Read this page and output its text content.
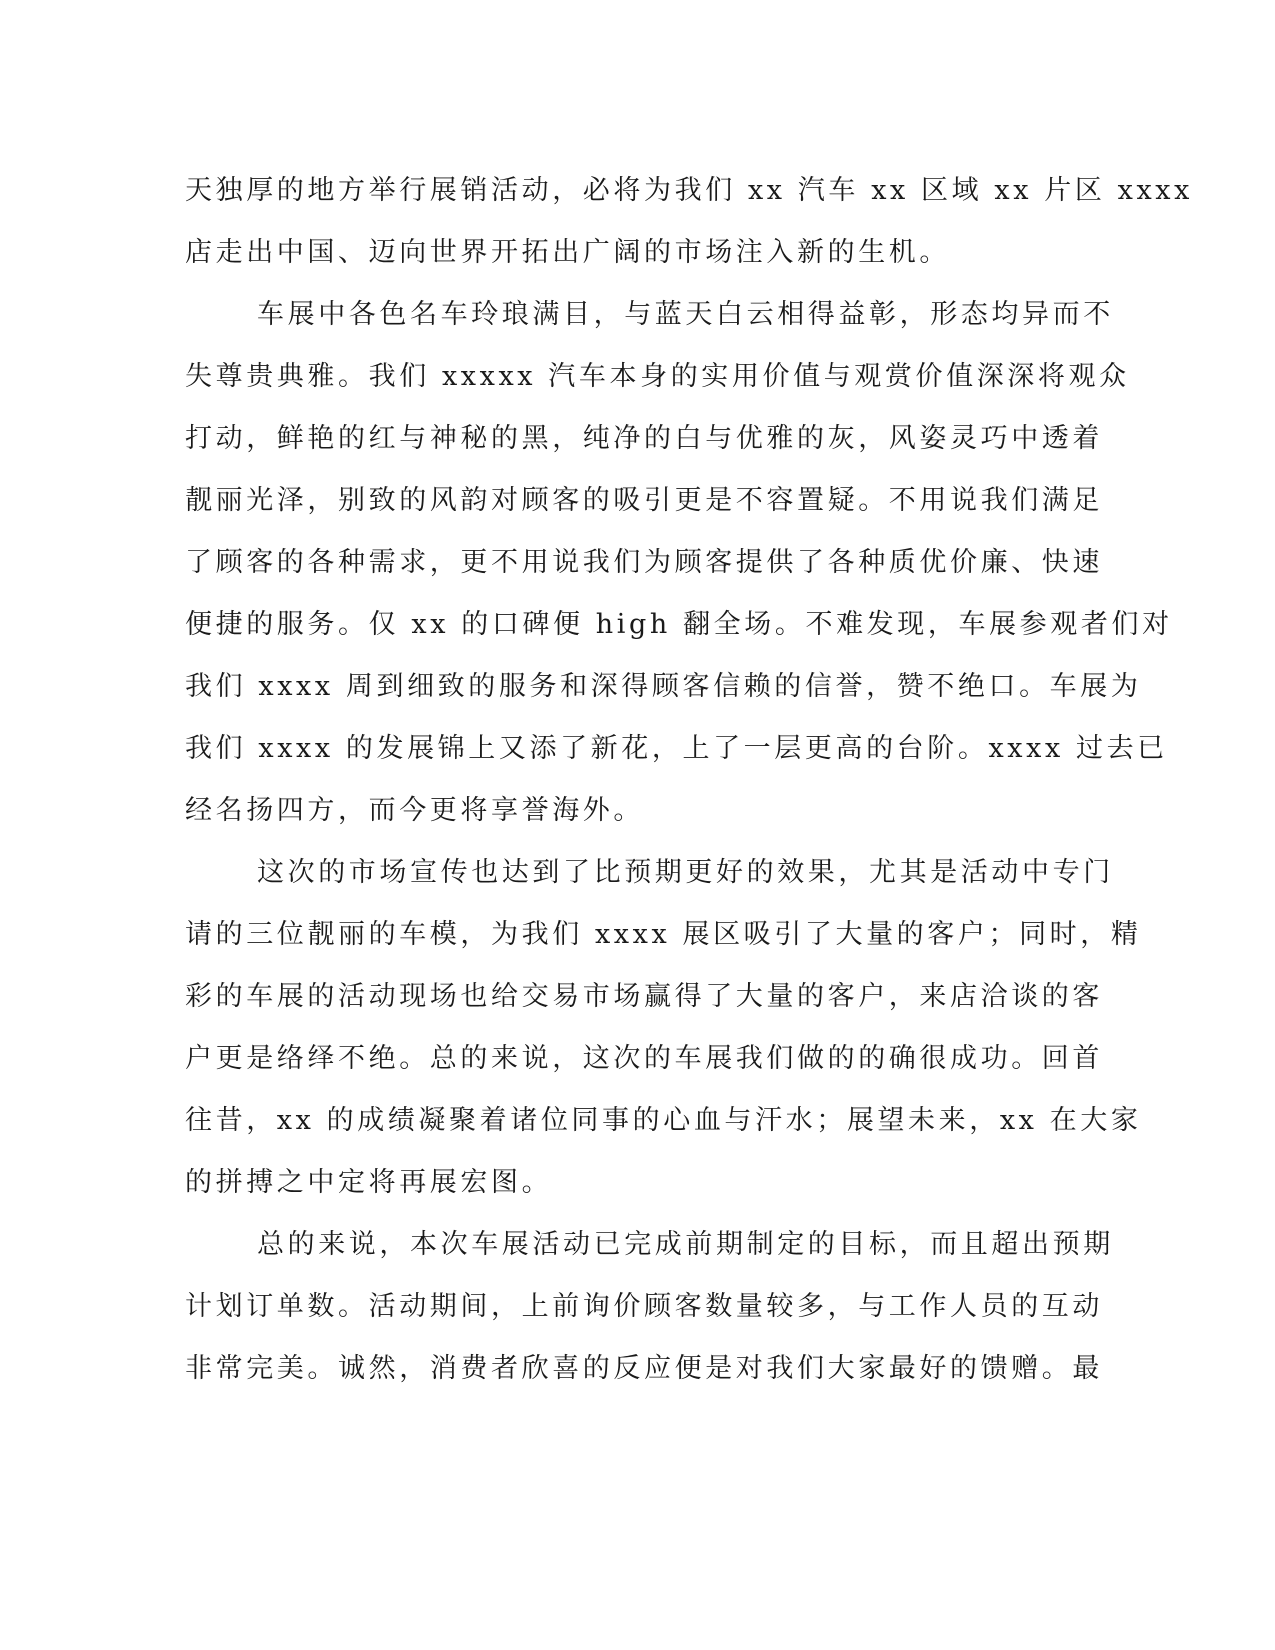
天独厚的地方举行展销活动，必将为我们 xx 汽车 xx 区域 xx 片区 xxxx
店走出中国、迈向世界开拓出广阔的市场注入新的生机。
车展中各色名车玲琅满目，与蓝天白云相得益彰，形态均异而不
失尊贵典雅。我们 xxxxx 汽车本身的实用价值与观赏价值深深将观众
打动，鲜艳的红与神秘的黑，纯净的白与优雅的灰，风姿灵巧中透着
靓丽光泽，别致的风韵对顾客的吸引更是不容置疑。不用说我们满足
了顾客的各种需求，更不用说我们为顾客提供了各种质优价廉、快速
便捷的服务。仅 xx 的口碑便 high 翻全场。不难发现，车展参观者们对
我们 xxxx 周到细致的服务和深得顾客信赖的信誉，赞不绝口。车展为
我们 xxxx 的发展锦上又添了新花，上了一层更高的台阶。xxxx 过去已
经名扬四方，而今更将享誉海外。
这次的市场宣传也达到了比预期更好的效果，尤其是活动中专门
请的三位靓丽的车模，为我们 xxxx 展区吸引了大量的客户；同时，精
彩的车展的活动现场也给交易市场赢得了大量的客户，来店洽谈的客
户更是络绎不绝。总的来说，这次的车展我们做的的确很成功。回首
往昔，xx 的成绩凝聚着诸位同事的心血与汗水；展望未来，xx 在大家
的拼搏之中定将再展宏图。
总的来说，本次车展活动已完成前期制定的目标，而且超出预期
计划订单数。活动期间，上前询价顾客数量较多，与工作人员的互动
非常完美。诚然，消费者欣喜的反应便是对我们大家最好的馈赠。最
